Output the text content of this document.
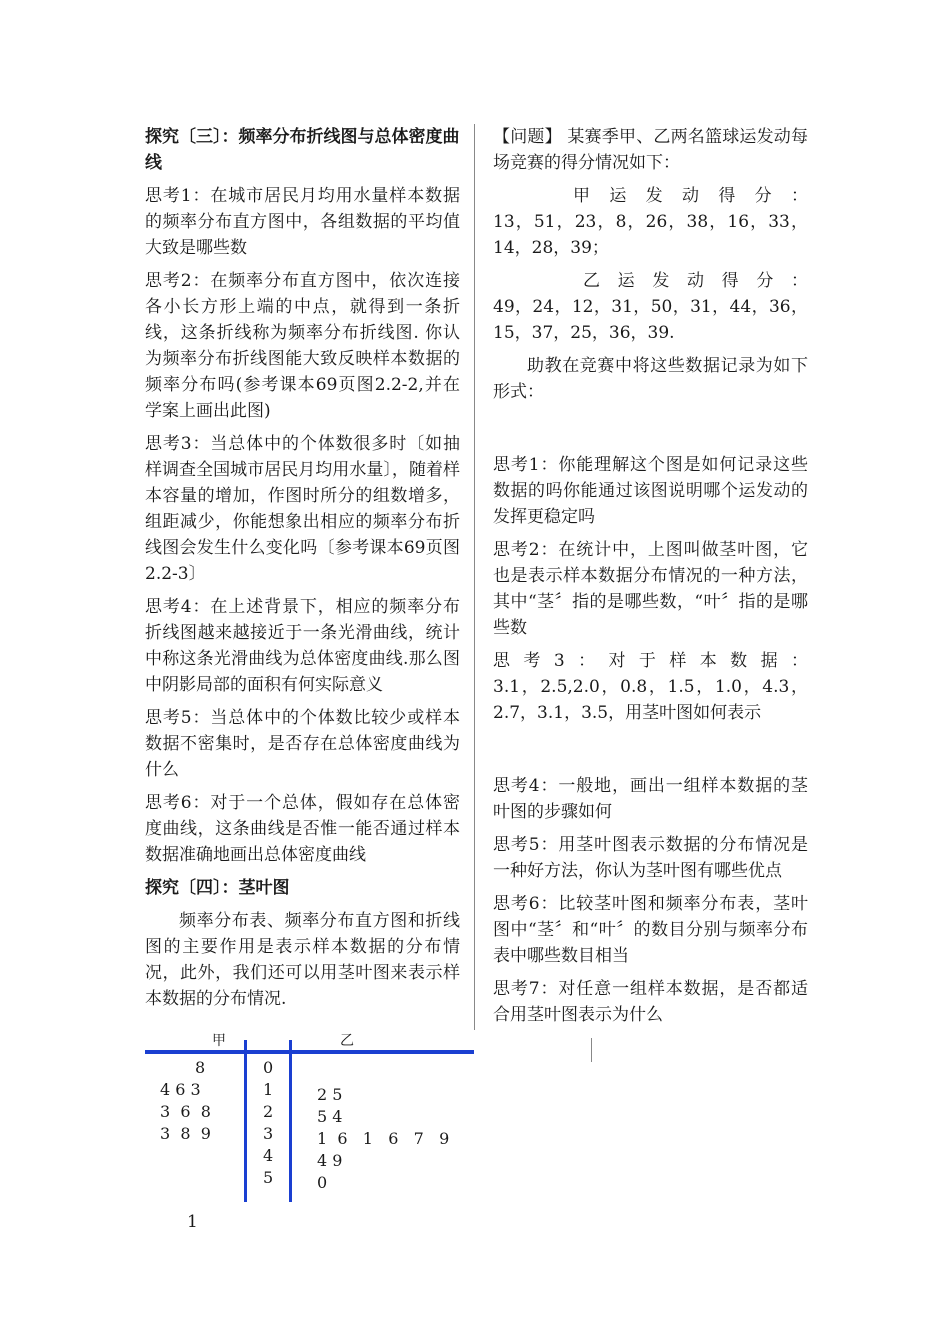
探究〔三〕：频率分布折线图与总体密度曲线

思考1：在城市居民月均用水量样本数据的频率分布直方图中，各组数据的平均值大致是哪些数

思考2：在频率分布直方图中，依次连接各小长方形上端的中点，就得到一条折线，这条折线称为频率分布折线图. 你认为频率分布折线图能大致反映样本数据的频率分布吗(参考课本69页图2.2-2,并在学案上画出此图)

思考3：当总体中的个体数很多时〔如抽样调查全国城市居民月均用水量〕，随着样本容量的增加，作图时所分的组数增多，组距减少，你能想象出相应的频率分布折线图会发生什么变化吗〔参考课本69页图2.2-3〕

思考4：在上述背景下，相应的频率分布折线图越来越接近于一条光滑曲线，统计中称这条光滑曲线为总体密度曲线.那么图中阴影局部的面积有何实际意义

思考5：当总体中的个体数比较少或样本数据不密集时，是否存在总体密度曲线为什么

思考6：对于一个总体，假如存在总体密度曲线，这条曲线是否惟一能否通过样本数据准确地画出总体密度曲线

探究〔四〕：茎叶图

频率分布表、频率分布直方图和折线图的主要作用是表示样本数据的分布情况，此外，我们还可以用茎叶图来表示样本数据的分布情况.

【问题】 某赛季甲、乙两名篮球运发动每场竞赛的得分情况如下：

甲运发动得分：

13，51，23，8，26，38，16，33，14，28，39；

乙运发动得分：

49，24，12，31，50，31，44，36，15，37，25，36，39.

助教在竞赛中将这些数据记录为如下形式：

思考1：你能理解这个图是如何记录这些数据的吗你能通过该图说明哪个运发动的发挥更稳定吗

思考2：在统计中，上图叫做茎叶图，它也是表示样本数据分布情况的一种方法，其中“茎〞指的是哪些数，“叶〞指的是哪些数

思考3：对于样本数据：

3.1，2.5,2.0，0.8，1.5，1.0，4.3，2.7，3.1，3.5，用茎叶图如何表示

思考4：一般地，画出一组样本数据的茎叶图的步骤如何

思考5：用茎叶图表示数据的分布情况是一种好方法，你认为茎叶图有哪些优点

思考6：比较茎叶图和频率分布表，茎叶图中“茎〞和“叶〞的数目分别与频率分布表中哪些数目相当

思考7：对任意一组样本数据，是否都适合用茎叶图表示为什么

甲	乙
0
1
2
3
4
5
8
4 6 3
3  6  8
3  8  9
2 5
5 4
1  6   1   6   7   9
4 9
0
1
